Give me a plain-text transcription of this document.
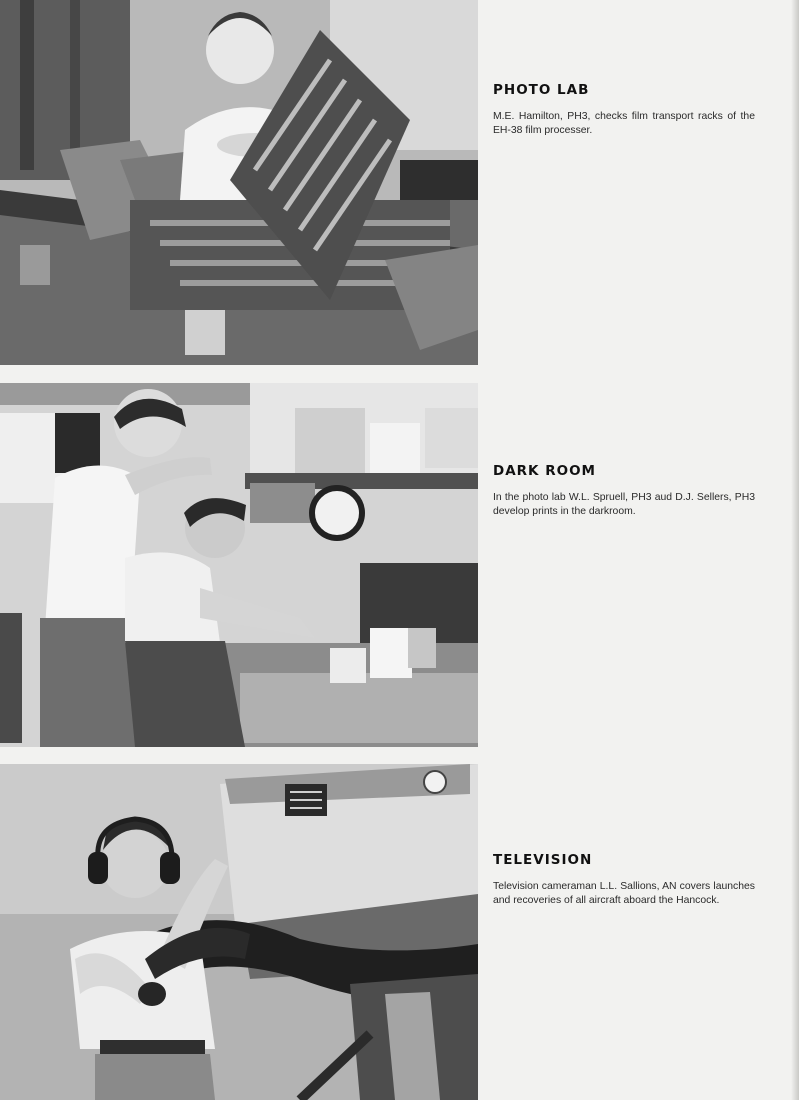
PHOTO LAB

M.E. Hamilton, PH3, checks film transport racks of the EH-38 film processer.

DARK ROOM

In the photo lab W.L. Spruell, PH3 aud D.J. Sellers, PH3 develop prints in the darkroom.

TELEVISION

Television cameraman L.L. Sallions, AN covers launches and recoveries of all aircraft aboard the Hancock.
